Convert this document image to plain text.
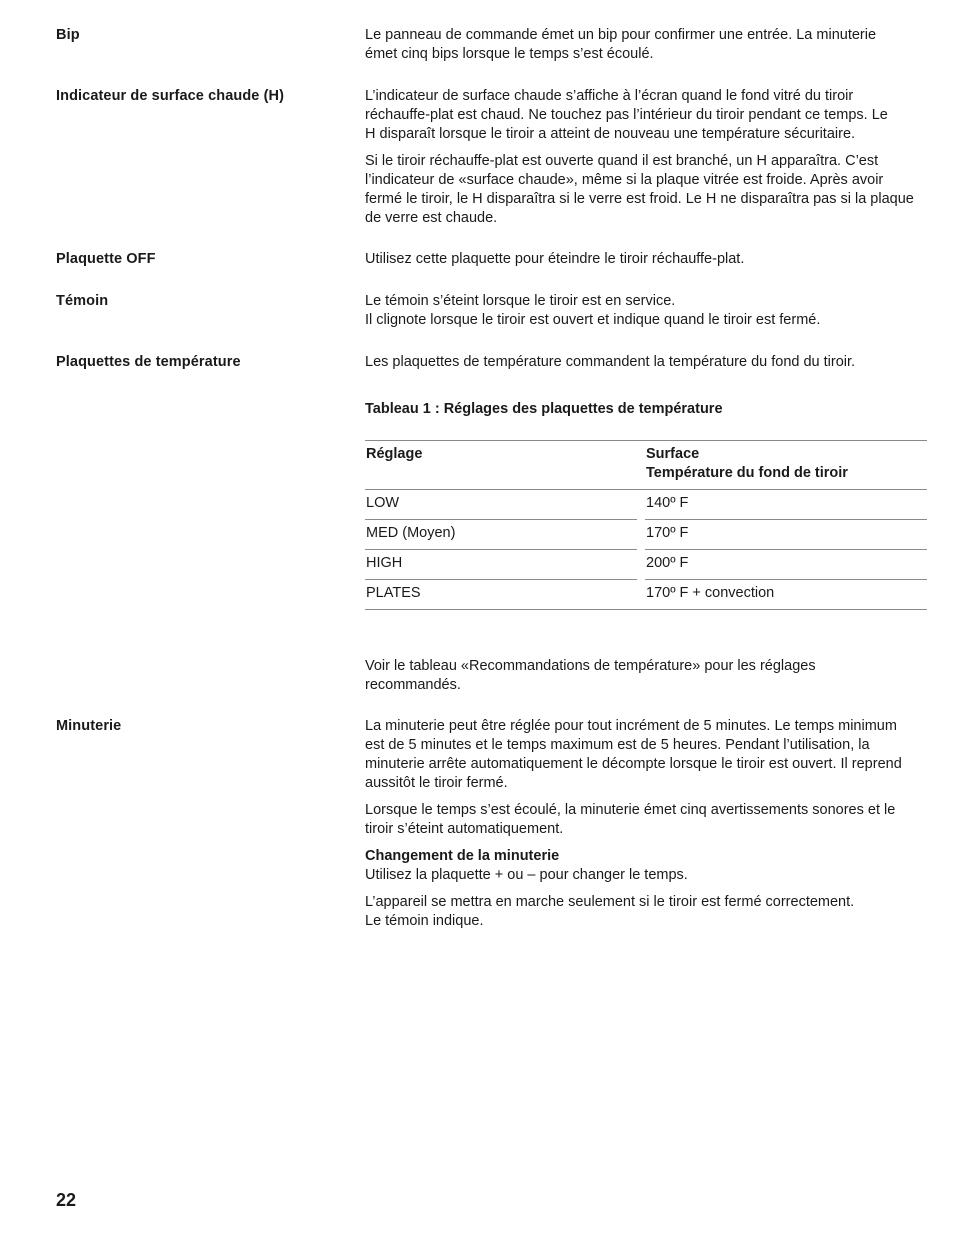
Bip	Le panneau de commande émet un bip pour confirmer une entrée. La minuterie
émet cinq bips lorsque le temps s’est écoulé.

Indicateur de surface chaude (H)	L’indicateur de surface chaude s’affiche à l’écran quand le fond vitré du tiroir
réchauffe-plat est chaud. Ne touchez pas l’intérieur du tiroir pendant ce temps. Le
H disparaît lorsque le tiroir a atteint de nouveau une température sécuritaire.

Si le tiroir réchauffe-plat est ouverte quand il est branché, un H apparaîtra. C’est
l’indicateur de «surface chaude», même si la plaque vitrée est froide. Après avoir
fermé le tiroir, le H disparaîtra si le verre est froid. Le H ne disparaîtra pas si la plaque
de verre est chaude.

Plaquette OFF	Utilisez cette plaquette pour éteindre le tiroir réchauffe-plat.

Témoin	Le témoin s’éteint lorsque le tiroir est en service.
Il clignote lorsque le tiroir est ouvert et indique quand le tiroir est fermé.

Plaquettes de température	Les plaquettes de température commandent la température du fond du tiroir.

Tableau 1 : Réglages des plaquettes de température
Réglage	Surface
Température du fond de tiroir
LOW	140º F
MED (Moyen)	170º F
HIGH	200º F
PLATES	170º F + convection

Voir le tableau «Recommandations de température» pour les réglages
recommandés.

Minuterie	La minuterie peut être réglée pour tout incrément de 5 minutes. Le temps minimum
est de 5 minutes et le temps maximum est de 5 heures. Pendant l’utilisation, la
minuterie arrête automatiquement le décompte lorsque le tiroir est ouvert. Il reprend
aussitôt le tiroir fermé.

Lorsque le temps s’est écoulé, la minuterie émet cinq avertissements sonores et le
tiroir s’éteint automatiquement.

Changement de la minuterie
Utilisez la plaquette + ou – pour changer le temps.

L’appareil se mettra en marche seulement si le tiroir est fermé correctement.
Le témoin indique.

22
